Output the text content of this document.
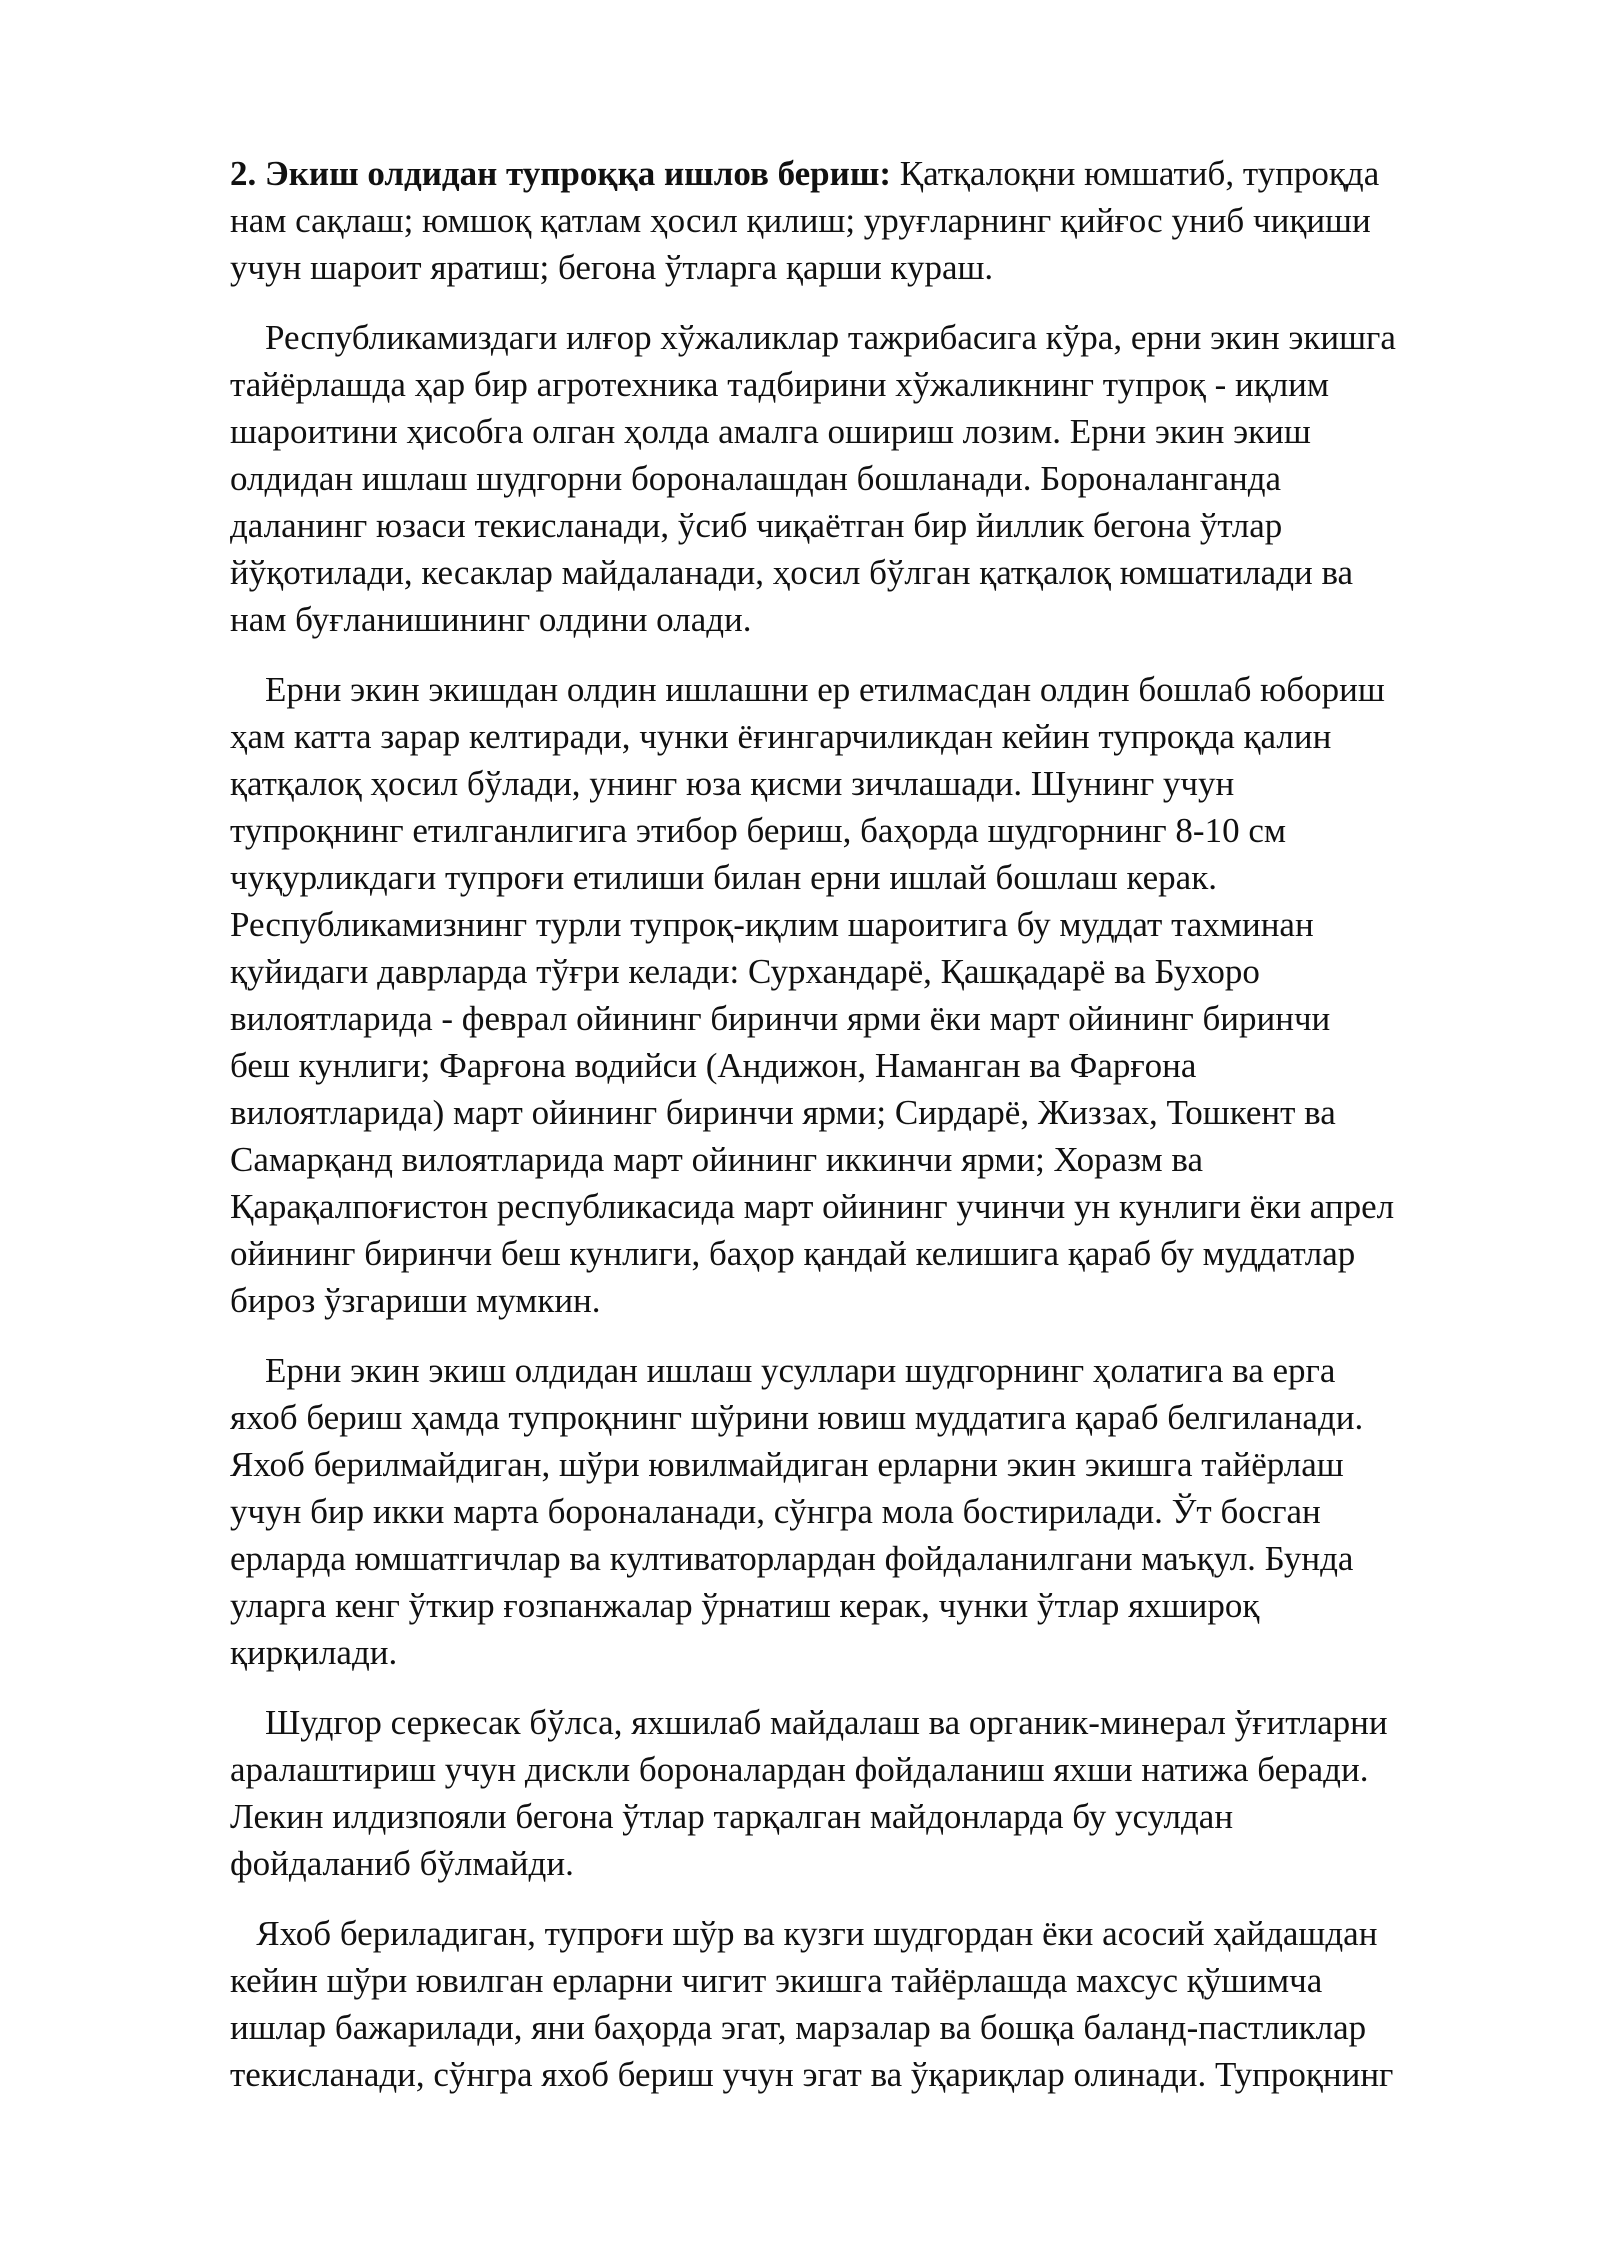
2. Экиш олдидан тупроққа ишлов бериш: Қатқалоқни юмшатиб, тупроқда
нам сақлаш; юмшоқ қатлам ҳосил қилиш; уруғларнинг қийғос униб чиқиши
учун шароит яратиш; бегона ўтларга қарши кураш.
Республикамиздаги илғор хўжаликлар тажрибасига кўра, ерни экин экишга
тайёрлашда ҳар бир агротехника тадбирини хўжаликнинг тупроқ - иқлим
шароитини ҳисобга олган ҳолда амалга ошириш лозим. Ерни экин экиш
олдидан ишлаш шудгорни бороналашдан бошланади. Бороналанганда
даланинг юзаси текисланади, ўсиб чиқаётган бир йиллик бегона ўтлар
йўқотилади, кесаклар майдаланади, ҳосил бўлган қатқалоқ юмшатилади ва
нам буғланишининг олдини олади.
Ерни экин экишдан олдин ишлашни ер етилмасдан олдин бошлаб юбориш
ҳам катта зарар келтиради, чунки ёғингарчиликдан кейин тупроқда қалин
қатқалоқ ҳосил бўлади, унинг юза қисми зичлашади. Шунинг учун
тупроқнинг етилганлигига этибор бериш, баҳорда шудгорнинг 8-10 см
чуқурликдаги тупроғи етилиши билан ерни ишлай бошлаш керак.
Республикамизнинг турли тупроқ-иқлим шароитига бу муддат тахминан
қуйидаги даврларда тўғри келади: Сурхандарё, Қашқадарё ва Бухоро
вилоятларида - феврал ойининг биринчи ярми ёки март ойининг биринчи
беш кунлиги; Фарғона водийси (Андижон, Наманган ва Фарғона
вилоятларида) март ойининг биринчи ярми; Сирдарё, Жиззах, Тошкент ва
Самарқанд вилоятларида март ойининг иккинчи ярми; Хоразм ва
Қарақалпоғистон республикасида март ойининг учинчи ун кунлиги ёки апрел
ойининг биринчи беш кунлиги, баҳор қандай келишига қараб бу муддатлар
бироз ўзгариши мумкин.
Ерни экин экиш олдидан ишлаш усуллари шудгорнинг ҳолатига ва ерга
яхоб бериш ҳамда тупроқнинг шўрини ювиш муддатига қараб белгиланади.
Яхоб берилмайдиган, шўри ювилмайдиган ерларни экин экишга тайёрлаш
учун бир икки марта бороналанади, сўнгра мола бостирилади. Ўт босган
ерларда юмшатгичлар ва култиваторлардан фойдаланилгани маъқул. Бунда
уларга кенг ўткир ғозпанжалар ўрнатиш керак, чунки ўтлар яхшироқ
қирқилади.
Шудгор серкесак бўлса, яхшилаб майдалаш ва органик-минерал ўғитларни
аралаштириш учун дискли бороналардан фойдаланиш яхши натижа беради.
Лекин илдизпояли бегона ўтлар тарқалган майдонларда бу усулдан
фойдаланиб бўлмайди.
Яхоб бериладиган, тупроғи шўр ва кузги шудгордан ёки асосий ҳайдашдан
кейин шўри ювилган ерларни чигит экишга тайёрлашда махсус қўшимча
ишлар бажарилади, яни баҳорда эгат, марзалар ва бошқа баланд-пастликлар
текисланади, сўнгра яхоб бериш учун эгат ва ўқариқлар олинади. Тупроқнинг
